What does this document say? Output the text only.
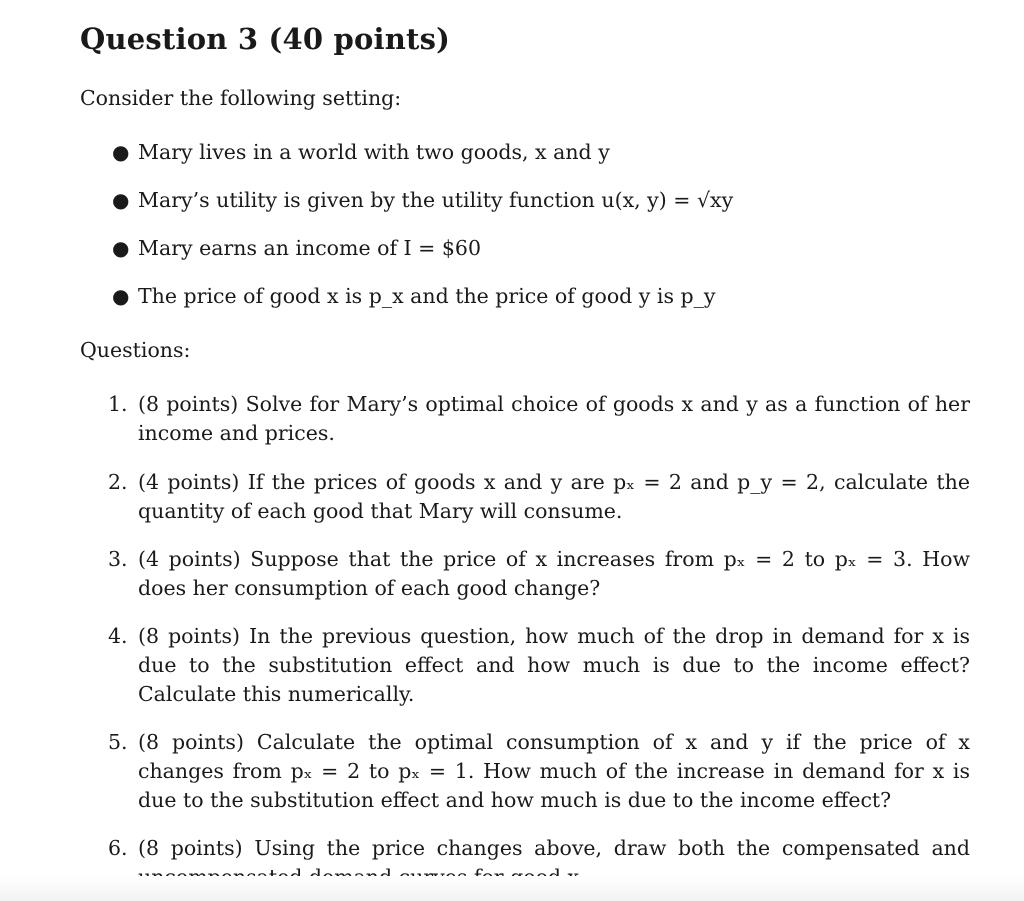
Question 3 (40 points)

Consider the following setting:

● Mary lives in a world with two goods, x and y
● Mary’s utility is given by the utility function u(x, y) = √xy
● Mary earns an income of I = $60
● The price of good x is p_x and the price of good y is p_y

Questions:

1. (8 points) Solve for Mary’s optimal choice of goods x and y as a function of her income and prices.
2. (4 points) If the prices of goods x and y are pₓ = 2 and p_y = 2, calculate the quantity of each good that Mary will consume.
3. (4 points) Suppose that the price of x increases from pₓ = 2 to pₓ = 3. How does her consumption of each good change?
4. (8 points) In the previous question, how much of the drop in demand for x is due to the substitution effect and how much is due to the income effect? Calculate this numerically.
5. (8 points) Calculate the optimal consumption of x and y if the price of x changes from pₓ = 2 to pₓ = 1. How much of the increase in demand for x is due to the substitution effect and how much is due to the income effect?
6. (8 points) Using the price changes above, draw both the compensated and
